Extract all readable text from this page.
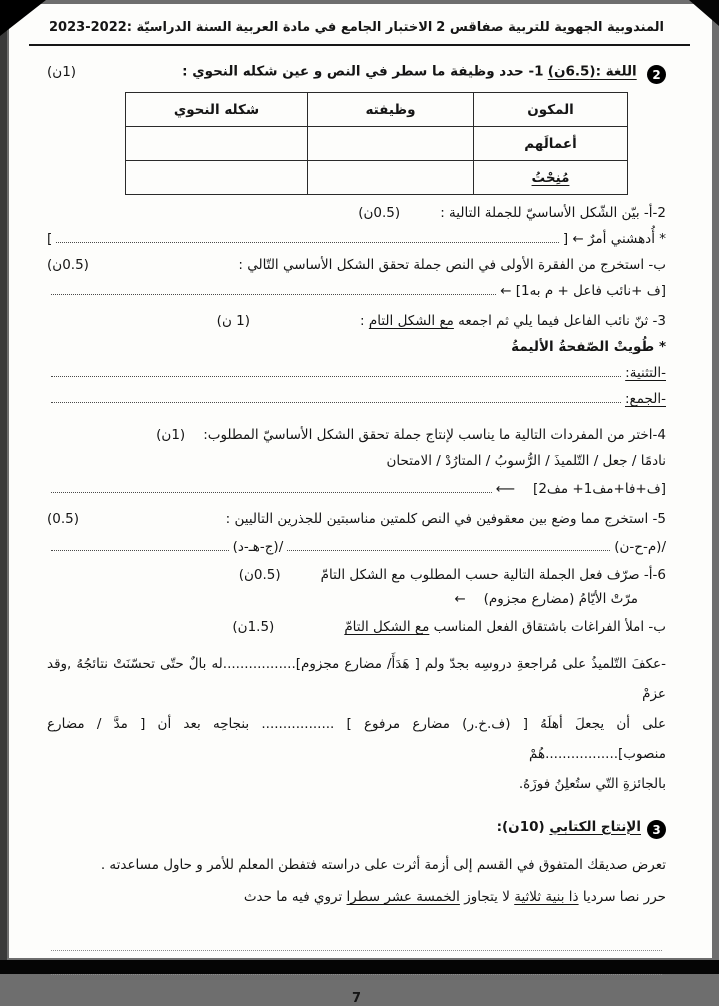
المندوبية الجهوية للتربية صفاقس 2
الاختبار الجامع في مادة العربية
السنة الدراسيّة :2022-2023
2 اللغة :(6.5ن) 1- حدد وظيفة ما سطر في النص و عين شكله النحوي :
(1ن)
المكون	وظيفته	شكله النحوي
أعمالَهم		
مُنِحْتُ		
2-أ- بيّن الشّكل الأساسيّ للجملة التالية :
(0.5ن)
* أُدهشني أمرٌ ← [
]
ب- استخرج من الفقرة الأولى في النص جملة تحقق الشكل الأساسي التّالي :
(0.5ن)
[ف +نائب فاعل + م به1] ←
3- ثنّ نائب الفاعل فيما يلي ثم اجمعه مع الشكل التام :
(1 ن)
* طُويتْ الصّفحةُ الأليمةُ
-التثنية:
-الجمع:
4-اختر من المفردات التالية ما يناسب لإنتاج جملة تحقق الشكل الأساسيّ المطلوب:
(1ن)
نادمًا / جعل / التّلميذَ / الرُّسوبُ / المتارُدْ / الامتحان
[ف+فا+مف1+ مف2]
⟵
5- استخرج مما وضع بين معقوفين في النص كلمتين مناسبتين للجذرين التاليين :
(0.5)
/(م-ح-ن)
/(ج-هـ-د)
6-أ- صرّف فعل الجملة التالية حسب المطلوب مع الشكل التامّ
(0.5ن)
مرّتْ الأيّامُ (مضارع مجزوم)
←
ب- املأ الفراغات باشتقاق الفعل المناسب مع الشكل التامّ
(1.5ن)
-عكفَ التّلميذُ على مُراجعةِ دروسِه بجدّ ولم [ هَدَأَ/ مضارع مجزوم].................له بالٌ حتّى تحسّنَتْ نتائجُهُ ,وقد عزمْ
على أن يجعلَ أهلَهُ [ (ف.خ.ر) مضارع مرفوع ] ................. بنجاحِه بعد أن [ مدَّ / مضارع منصوب].................هُمْ
بالجائزةِ التّي ستُعلِنُ فوزَهُ.
3
الإنتاج الكتابي (10ن):
تعرض صديقك المتفوق في القسم إلى أزمة أثرت على دراسته فتفطن المعلم للأمر و حاول مساعدته .
حرر نصا سرديا ذا بنية ثلاثية لا يتجاوز الخمسة عشر سطرا تروي فيه ما حدث
7
